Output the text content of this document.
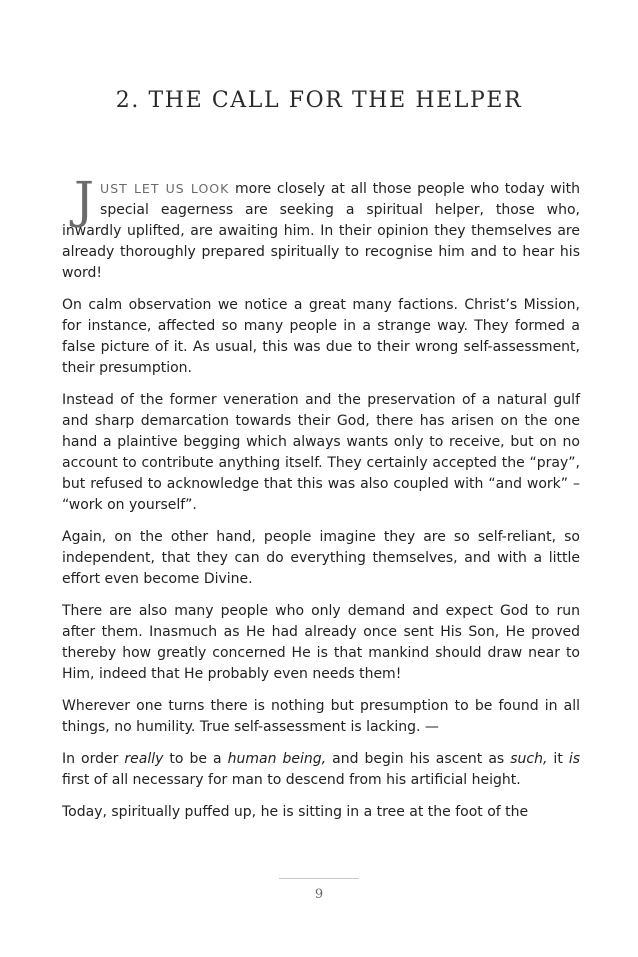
2. THE CALL FOR THE HELPER

JUST LET US LOOK more closely at all those people who today with special eagerness are seeking a spiritual helper, those who, inwardly uplifted, are awaiting him. In their opinion they themselves are already thoroughly prepared spiritually to recognise him and to hear his word!

On calm observation we notice a great many factions. Christ’s Mission, for instance, affected so many people in a strange way. They formed a false picture of it. As usual, this was due to their wrong self-assessment, their presumption.

Instead of the former veneration and the preservation of a natural gulf and sharp demarcation towards their God, there has arisen on the one hand a plaintive begging which always wants only to receive, but on no account to contribute anything itself. They certainly accepted the “pray”, but refused to acknowledge that this was also coupled with “and work” – “work on yourself”.

Again, on the other hand, people imagine they are so self-reliant, so independent, that they can do everything themselves, and with a little effort even become Divine.

There are also many people who only demand and expect God to run after them. Inasmuch as He had already once sent His Son, He proved thereby how greatly concerned He is that mankind should draw near to Him, indeed that He probably even needs them!

Wherever one turns there is nothing but presumption to be found in all things, no humility. True self-assessment is lacking. —

In order really to be a human being, and begin his ascent as such, it is first of all necessary for man to descend from his artificial height.

Today, spiritually puffed up, he is sitting in a tree at the foot of the

9
